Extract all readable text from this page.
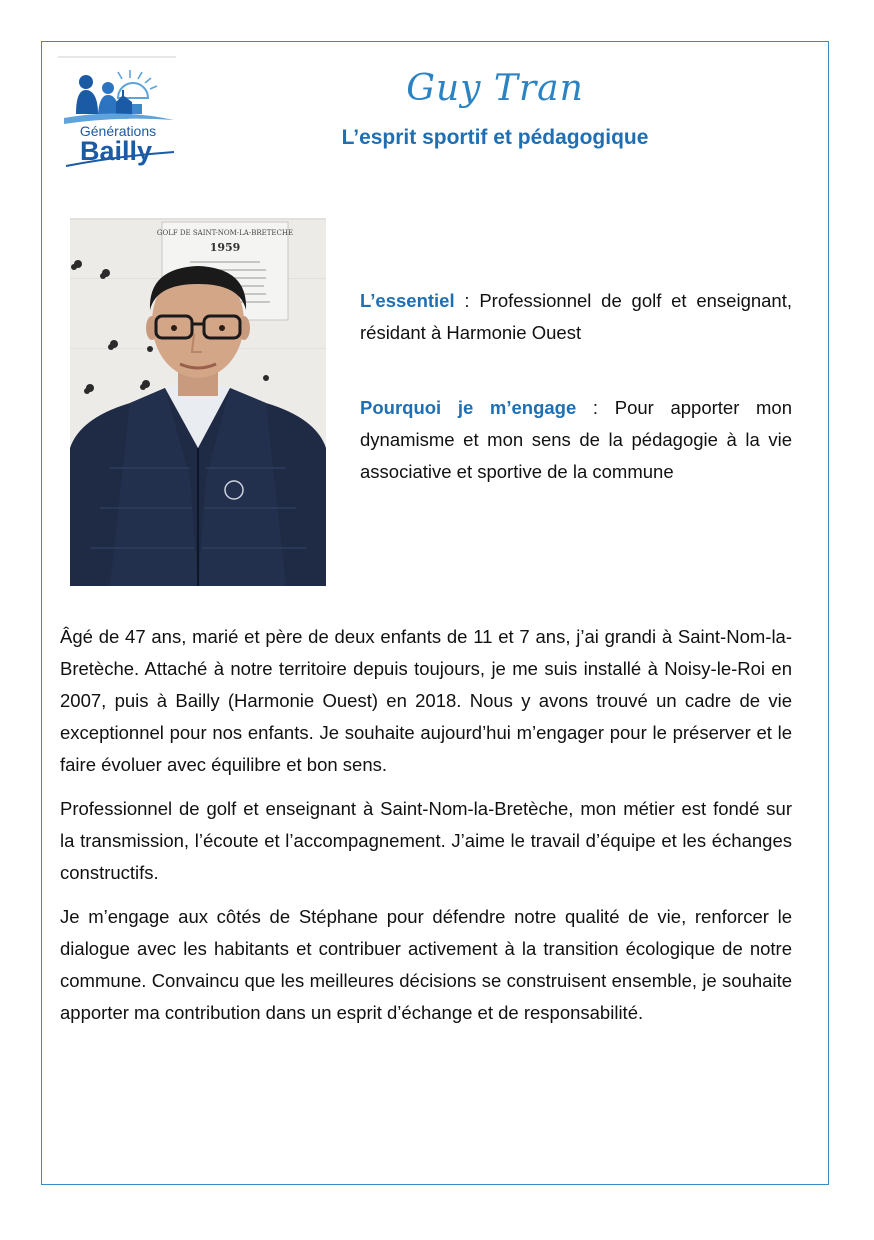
Générations
Bailly
Guy Tran
L’esprit sportif et pédagogique
GOLF DE SAINT-NOM-LA-BRETECHE
1959

L’essentiel : Professionnel de golf et enseignant, résidant à Harmonie Ouest

Pourquoi je m’engage : Pour apporter mon dynamisme et mon sens de la pédagogie à la vie associative et sportive de la commune

Âgé de 47 ans, marié et père de deux enfants de 11 et 7 ans, j’ai grandi à Saint-Nom-la-Bretèche. Attaché à notre territoire depuis toujours, je me suis installé à Noisy-le-Roi en 2007, puis à Bailly (Harmonie Ouest) en 2018. Nous y avons trouvé un cadre de vie exceptionnel pour nos enfants. Je souhaite aujourd’hui m’engager pour le préserver et le faire évoluer avec équilibre et bon sens.

Professionnel de golf et enseignant à Saint-Nom-la-Bretèche, mon métier est fondé sur la transmission, l’écoute et l’accompagnement. J’aime le travail d’équipe et les échanges constructifs.

Je m’engage aux côtés de Stéphane pour défendre notre qualité de vie, renforcer le dialogue avec les habitants et contribuer activement à la transition écologique de notre commune. Convaincu que les meilleures décisions se construisent ensemble, je souhaite apporter ma contribution dans un esprit d’échange et de responsabilité.
